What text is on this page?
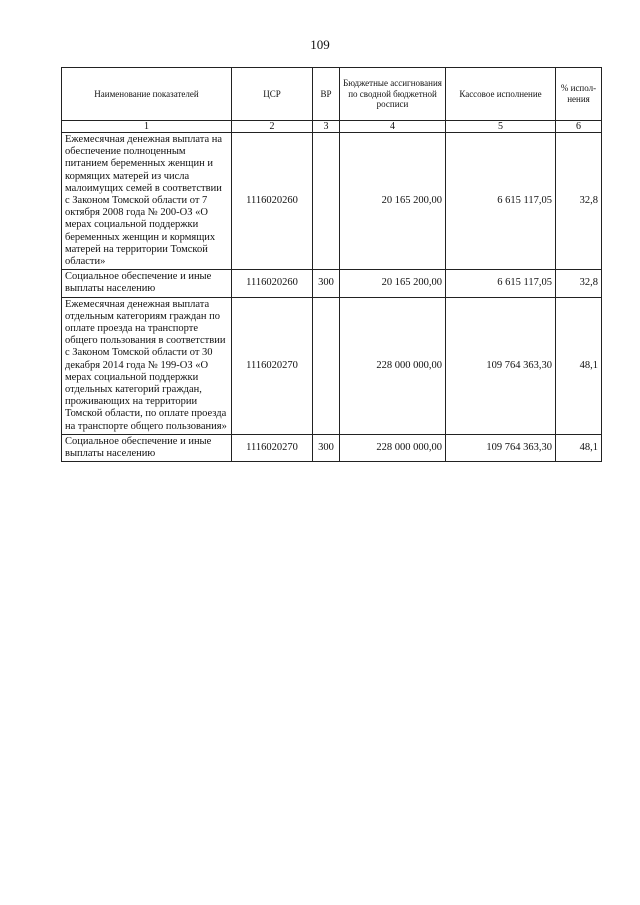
109
Наименование показателей	ЦСР	ВР	Бюджетные ассигнования по сводной бюджетной росписи	Кассовое исполнение	% испол-нения
1	2	3	4	5	6
Ежемесячная денежная выплата на обеспечение полноценным питанием беременных женщин и кормящих матерей из числа малоимущих семей в соответствии с Законом Томской области от 7 октября 2008 года № 200-ОЗ «О мерах социальной поддержки беременных женщин и кормящих матерей на территории Томской области»	1116020260		20 165 200,00	6 615 117,05	32,8
Социальное обеспечение и иные выплаты населению	1116020260	300	20 165 200,00	6 615 117,05	32,8
Ежемесячная денежная выплата отдельным категориям граждан по оплате проезда на транспорте общего пользования в соответствии с Законом Томской области от 30 декабря 2014 года № 199-ОЗ «О мерах социальной поддержки отдельных категорий граждан, проживающих на территории Томской области, по оплате проезда на транспорте общего пользования»	1116020270		228 000 000,00	109 764 363,30	48,1
Социальное обеспечение и иные выплаты населению	1116020270	300	228 000 000,00	109 764 363,30	48,1
